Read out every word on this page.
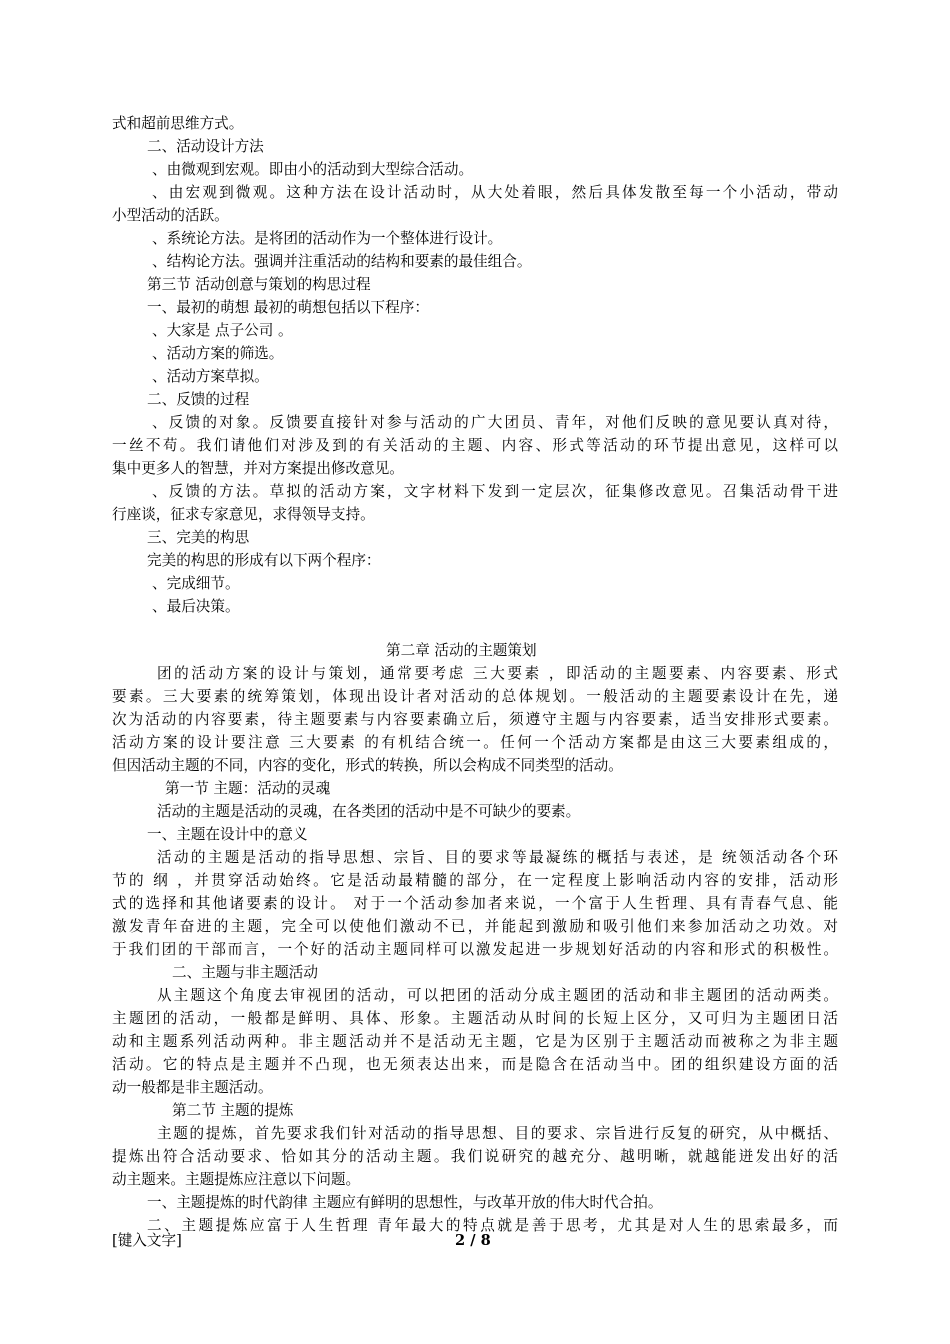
式和超前思维方式。
二、活动设计方法
、由微观到宏观。即由小的活动到大型综合活动。
、由宏观到微观。这种方法在设计活动时，从大处着眼，然后具体发散至每一个小活动，带动
小型活动的活跃。
、系统论方法。是将团的活动作为一个整体进行设计。
、结构论方法。强调并注重活动的结构和要素的最佳组合。
第三节 活动创意与策划的构思过程
一、最初的萌想 最初的萌想包括以下程序：
、大家是 点子公司 。
、活动方案的筛选。
、活动方案草拟。
二、反馈的过程
、反馈的对象。反馈要直接针对参与活动的广大团员、青年，对他们反映的意见要认真对待，
一丝不苟。我们请他们对涉及到的有关活动的主题、内容、形式等活动的环节提出意见，这样可以
集中更多人的智慧，并对方案提出修改意见。
、反馈的方法。草拟的活动方案，文字材料下发到一定层次，征集修改意见。召集活动骨干进
行座谈，征求专家意见，求得领导支持。
三、完美的构思
完美的构思的形成有以下两个程序：
、完成细节。
、最后决策。
第二章 活动的主题策划
团的活动方案的设计与策划，通常要考虑 三大要素 ，即活动的主题要素、内容要素、形式
要素。三大要素的统筹策划，体现出设计者对活动的总体规划。一般活动的主题要素设计在先，递
次为活动的内容要素，待主题要素与内容要素确立后，须遵守主题与内容要素，适当安排形式要素。
活动方案的设计要注意 三大要素 的有机结合统一。任何一个活动方案都是由这三大要素组成的，
但因活动主题的不同，内容的变化，形式的转换，所以会构成不同类型的活动。
第一节 主题：活动的灵魂
活动的主题是活动的灵魂，在各类团的活动中是不可缺少的要素。
一、主题在设计中的意义
活动的主题是活动的指导思想、宗旨、目的要求等最凝练的概括与表述，是 统领活动各个环
节的 纲 ，并贯穿活动始终。它是活动最精髓的部分，在一定程度上影响活动内容的安排，活动形
式的选择和其他诸要素的设计。 对于一个活动参加者来说，一个富于人生哲理、具有青春气息、能
激发青年奋进的主题，完全可以使他们激动不已，并能起到激励和吸引他们来参加活动之功效。对
于我们团的干部而言，一个好的活动主题同样可以激发起进一步规划好活动的内容和形式的积极性。
二、主题与非主题活动
从主题这个角度去审视团的活动，可以把团的活动分成主题团的活动和非主题团的活动两类。
主题团的活动，一般都是鲜明、具体、形象。主题活动从时间的长短上区分，又可归为主题团日活
动和主题系列活动两种。非主题活动并不是活动无主题，它是为区别于主题活动而被称之为非主题
活动。它的特点是主题并不凸现，也无须表达出来，而是隐含在活动当中。团的组织建设方面的活
动一般都是非主题活动。
第二节 主题的提炼
主题的提炼，首先要求我们针对活动的指导思想、目的要求、宗旨进行反复的研究，从中概括、
提炼出符合活动要求、恰如其分的活动主题。我们说研究的越充分、越明晰，就越能迸发出好的活
动主题来。主题提炼应注意以下问题。
一、主题提炼的时代韵律 主题应有鲜明的思想性，与改革开放的伟大时代合拍。
二、主题提炼应富于人生哲理 青年最大的特点就是善于思考，尤其是对人生的思索最多，而
[键入文字]	2 / 8
